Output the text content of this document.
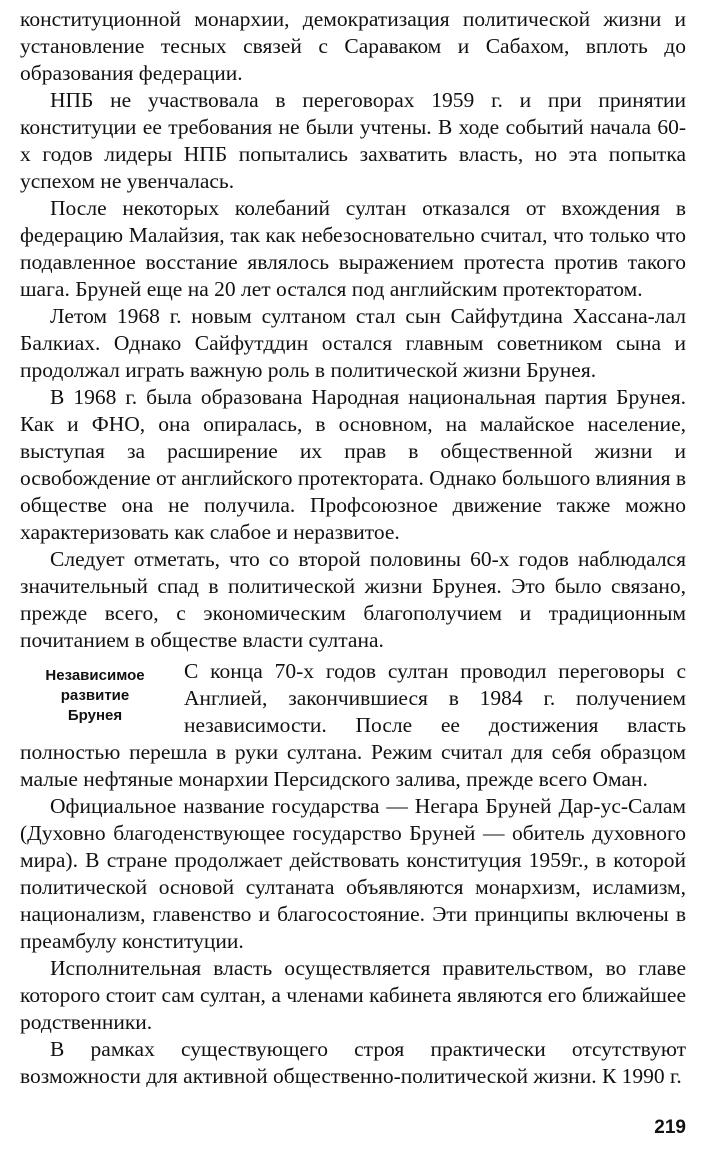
конституционной монархии, демократизация политической жизни и установление тесных связей с Сараваком и Сабахом, вплоть до образования федерации.

НПБ не участвовала в переговорах 1959 г. и при принятии конституции ее требования не были учтены. В ходе событий начала 60-х годов лидеры НПБ попытались захватить власть, но эта попытка успехом не увенчалась.

После некоторых колебаний султан отказался от вхождения в федерацию Малайзия, так как небезосновательно считал, что только что подавленное восстание являлось выражением протеста против такого шага. Бруней еще на 20 лет остался под английским протекторатом.

Летом 1968 г. новым султаном стал сын Сайфутдина Хассана-лал Балкиах. Однако Сайфутддин остался главным советником сына и продолжал играть важную роль в политической жизни Брунея.

В 1968 г. была образована Народная национальная партия Брунея. Как и ФНО, она опиралась, в основном, на малайское население, выступая за расширение их прав в общественной жизни и освобождение от английского протектората. Однако большого влияния в обществе она не получила. Профсоюзное движение также можно характеризовать как слабое и неразвитое.

Следует отметать, что со второй половины 60-х годов наблюдался значительный спад в политической жизни Брунея. Это было связано, прежде всего, с экономическим благополучием и традиционным почитанием в обществе власти султана.

Независимое
развитие
Брунея

С конца 70-х годов султан проводил переговоры с Англией, закончившиеся в 1984 г. получением независимости. После ее достижения власть полностью перешла в руки султана. Режим считал для себя образцом малые нефтяные монархии Персидского залива, прежде всего Оман.

Официальное название государства — Негара Бруней Дар-ус-Салам (Духовно благоденствующее государство Бруней — обитель духовного мира). В стране продолжает действовать конституция 1959г., в которой политической основой султаната объявляются монархизм, исламизм, национализм, главенство и благосостояние. Эти принципы включены в преамбулу конституции.

Исполнительная власть осуществляется правительством, во главе которого стоит сам султан, а членами кабинета являются его ближайшее родственники.

В рамках существующего строя практически отсутствуют возможности для активной общественно-политической жизни. К 1990 г.

219
